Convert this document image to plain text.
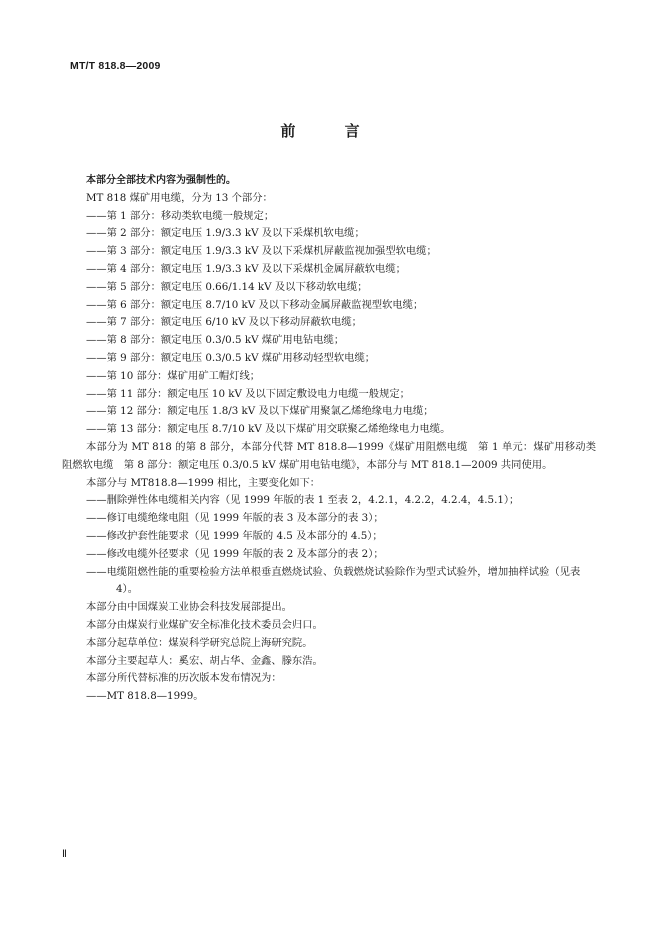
MT/T 818.8—2009
前 言

本部分全部技术内容为强制性的。

MT 818 煤矿用电缆，分为 13 个部分：

——第 1 部分：移动类软电缆一般规定；

——第 2 部分：额定电压 1.9/3.3 kV 及以下采煤机软电缆；

——第 3 部分：额定电压 1.9/3.3 kV 及以下采煤机屏蔽监视加强型软电缆；

——第 4 部分：额定电压 1.9/3.3 kV 及以下采煤机金属屏蔽软电缆；

——第 5 部分：额定电压 0.66/1.14 kV 及以下移动软电缆；

——第 6 部分：额定电压 8.7/10 kV 及以下移动金属屏蔽监视型软电缆；

——第 7 部分：额定电压 6/10 kV 及以下移动屏蔽软电缆；

——第 8 部分：额定电压 0.3/0.5 kV 煤矿用电钻电缆；

——第 9 部分：额定电压 0.3/0.5 kV 煤矿用移动轻型软电缆；

——第 10 部分：煤矿用矿工帽灯线；

——第 11 部分：额定电压 10 kV 及以下固定敷设电力电缆一般规定；

——第 12 部分：额定电压 1.8/3 kV 及以下煤矿用聚氯乙烯绝缘电力电缆；

——第 13 部分：额定电压 8.7/10 kV 及以下煤矿用交联聚乙烯绝缘电力电缆。

本部分为 MT 818 的第 8 部分，本部分代替 MT 818.8—1999《煤矿用阻燃电缆　第 1 单元：煤矿用移动类阻燃软电缆　第 8 部分：额定电压 0.3/0.5 kV 煤矿用电钻电缆》，本部分与 MT 818.1—2009 共同使用。

本部分与 MT818.8—1999 相比，主要变化如下：

——删除弹性体电缆相关内容（见 1999 年版的表 1 至表 2，4.2.1，4.2.2，4.2.4，4.5.1）；

——修订电缆绝缘电阻（见 1999 年版的表 3 及本部分的表 3）；

——修改护套性能要求（见 1999 年版的 4.5 及本部分的 4.5）；

——修改电缆外径要求（见 1999 年版的表 2 及本部分的表 2）；

——电缆阻燃性能的重要检验方法单根垂直燃烧试验、负载燃烧试验除作为型式试验外，增加抽样试验（见表 4）。

本部分由中国煤炭工业协会科技发展部提出。

本部分由煤炭行业煤矿安全标准化技术委员会归口。

本部分起草单位：煤炭科学研究总院上海研究院。

本部分主要起草人：奚宏、胡占华、金鑫、滕东浩。

本部分所代替标准的历次版本发布情况为：

——MT 818.8—1999。

Ⅱ
